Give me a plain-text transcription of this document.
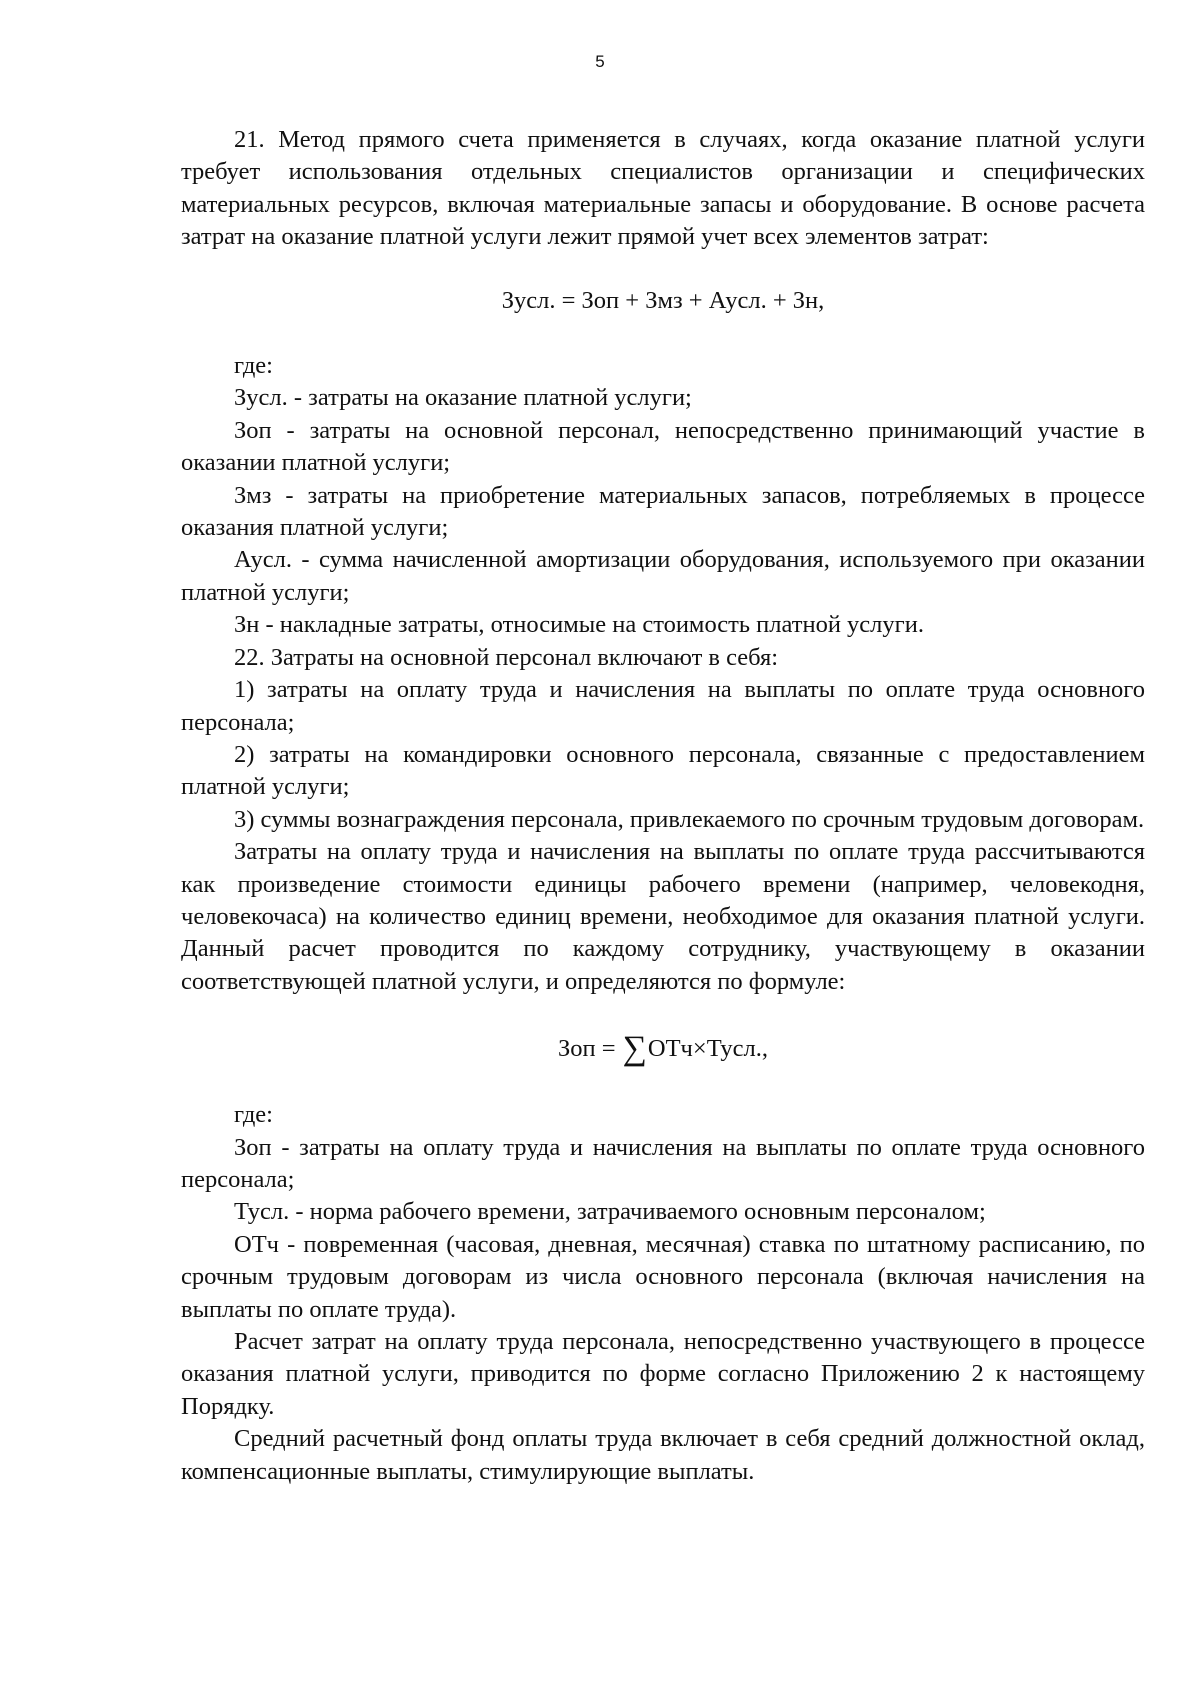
5

21. Метод прямого счета применяется в случаях, когда оказание платной услуги требует использования отдельных специалистов организации и специфических материальных ресурсов, включая материальные запасы и оборудование. В основе расчета затрат на оказание платной услуги лежит прямой учет всех элементов затрат:

Зусл. = Зоп + Змз + Аусл. + Зн,

где:

Зусл. - затраты на оказание платной услуги;

Зоп - затраты на основной персонал, непосредственно принимающий участие в оказании платной услуги;

Змз - затраты на приобретение материальных запасов, потребляемых в процессе оказания платной услуги;

Аусл. - сумма начисленной амортизации оборудования, используемого при оказании платной услуги;

Зн - накладные затраты, относимые на стоимость платной услуги.

22. Затраты на основной персонал включают в себя:

1) затраты на оплату труда и начисления на выплаты по оплате труда основного персонала;

2) затраты на командировки основного персонала, связанные с предоставлением платной услуги;

3) суммы вознаграждения персонала, привлекаемого по срочным трудовым договорам.

Затраты на оплату труда и начисления на выплаты по оплате труда рассчитываются как произведение стоимости единицы рабочего времени (например, человекодня, человекочаса) на количество единиц времени, необходимое для оказания платной услуги. Данный расчет проводится по каждому сотруднику, участвующему в оказании соответствующей платной услуги, и определяются по формуле:

Зоп = ∑ОТч×Тусл.,

где:

Зоп - затраты на оплату труда и начисления на выплаты по оплате труда основного персонала;

Тусл. - норма рабочего времени, затрачиваемого основным персоналом;

ОТч - повременная (часовая, дневная, месячная) ставка по штатному расписанию, по срочным трудовым договорам из числа основного персонала (включая начисления на выплаты по оплате труда).

Расчет затрат на оплату труда персонала, непосредственно участвующего в процессе оказания платной услуги, приводится по форме согласно Приложению 2 к настоящему Порядку.

Средний расчетный фонд оплаты труда включает в себя средний должностной оклад, компенсационные выплаты, стимулирующие выплаты.
